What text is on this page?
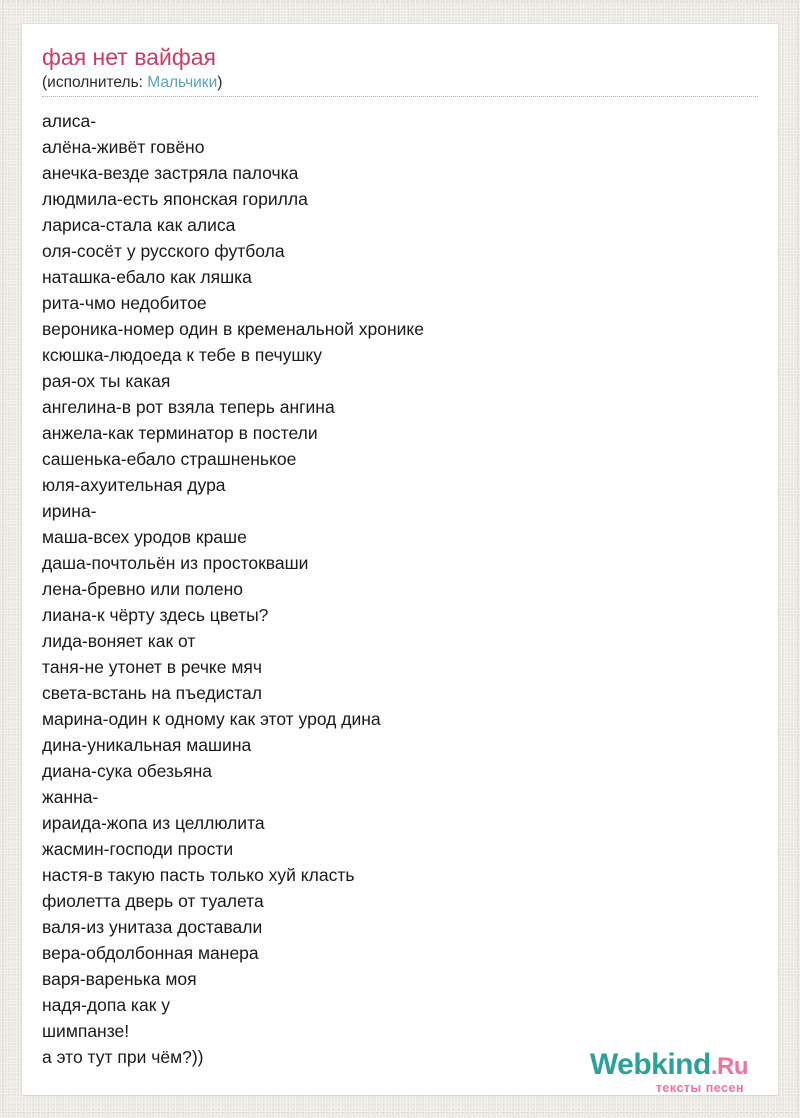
фая нет вайфая
(исполнитель: Мальчики)
алиса-
алёна-живёт говёно
анечка-везде застряла палочка
людмила-есть японская горилла
лариса-стала как алиса
оля-сосёт у русского футбола
наташка-ебало как ляшка
рита-чмо недобитое
вероника-номер один в кременальной хронике
ксюшка-людоеда к тебе в печушку
рая-ох ты какая
ангелина-в рот взяла теперь ангина
анжела-как терминатор в постели
сашенька-ебало страшненькое
юля-ахуительная дура
ирина-
маша-всех уродов краше
даша-почтольён из простокваши
лена-бревно или полено
лиана-к чёрту здесь цветы?
лида-воняет как от
таня-не утонет в речке мяч
света-встань на пъедистал
марина-один к одному как этот урод дина
дина-уникальная машина
диана-сука обезьяна
жанна-
ираида-жопа из целлюлита
жасмин-господи прости
настя-в такую пасть только хуй класть
фиолетта дверь от туалета
валя-из унитаза доставали
вера-обдолбонная манера
варя-варенька моя
надя-допа как у
шимпанзе!
а это тут при чём?))	Webkind.Ru
тексты песен
